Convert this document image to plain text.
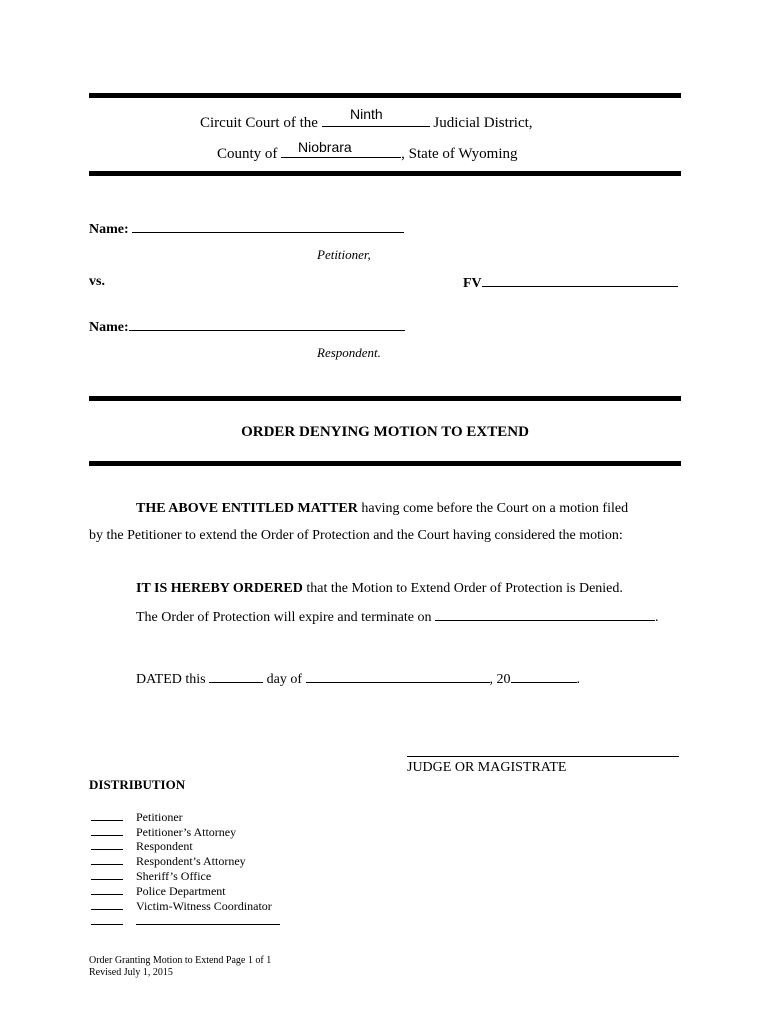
Circuit Court of the	Judicial District,
Ninth
County of	, State of Wyoming
Niobrara
Name:
Petitioner,
vs.	FV
Name:
Respondent.
ORDER DENYING MOTION TO EXTEND
THE ABOVE ENTITLED MATTER having come before the Court on a motion filed
by the Petitioner to extend the Order of Protection and the Court having considered the motion:
IT IS HEREBY ORDERED that the Motion to Extend Order of Protection is Denied.
The Order of Protection will expire and terminate on	.
DATED this	day of	, 20	.
JUDGE OR MAGISTRATE
DISTRIBUTION
Petitioner
Petitioner’s Attorney
Respondent
Respondent’s Attorney
Sheriff’s Office
Police Department
Victim-Witness Coordinator
Order Granting Motion to Extend Page 1 of 1
Revised July 1, 2015
